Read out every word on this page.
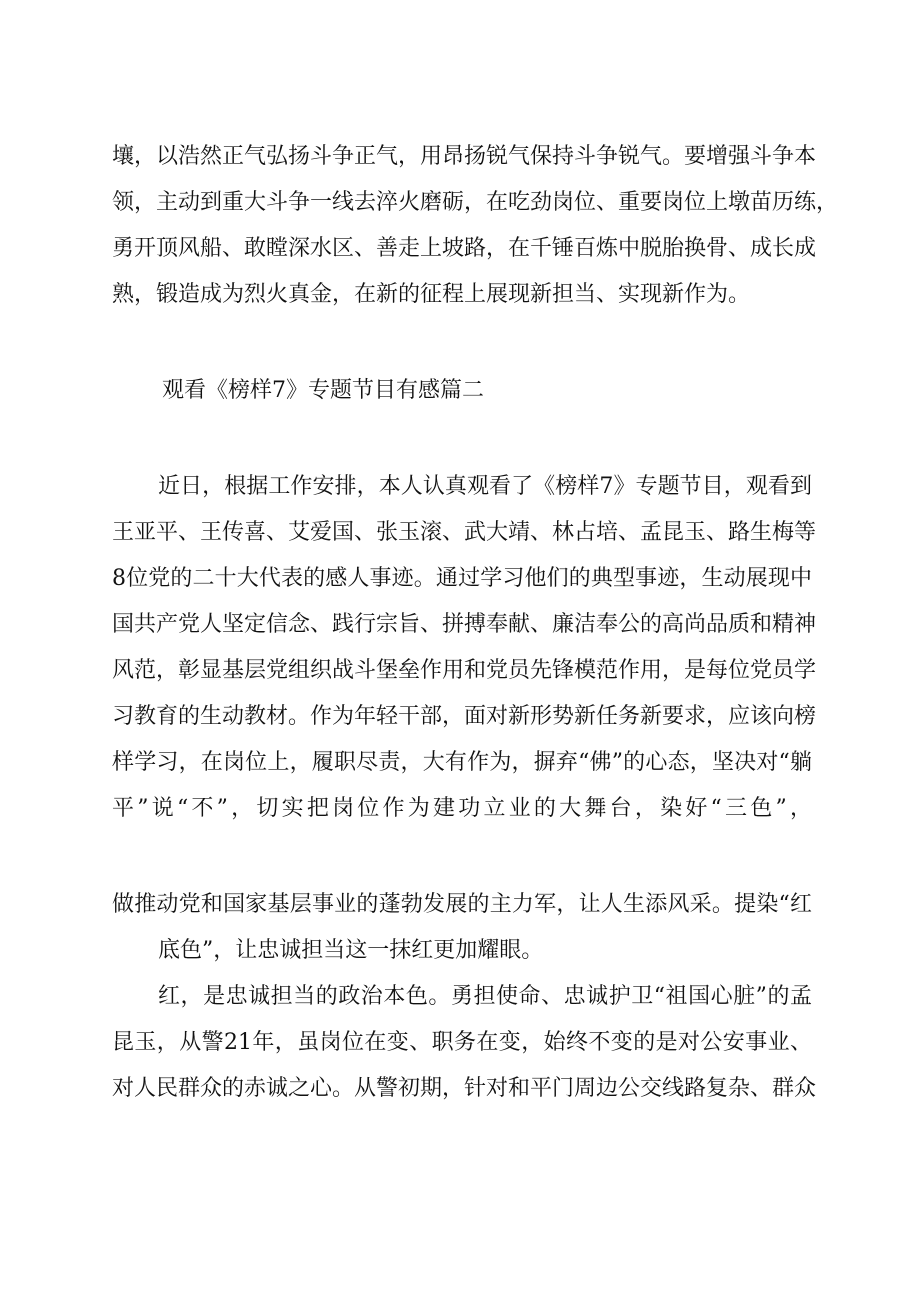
壤，以浩然正气弘扬斗争正气，用昂扬锐气保持斗争锐气。要增强斗争本
领，主动到重大斗争一线去淬火磨砺，在吃劲岗位、重要岗位上墩苗历练，
勇开顶风船、敢瞠深水区、善走上坡路，在千锤百炼中脱胎换骨、成长成
熟，锻造成为烈火真金，在新的征程上展现新担当、实现新作为。
观看《榜样7》专题节目有感篇二
近日，根据工作安排，本人认真观看了《榜样7》专题节目，观看到
王亚平、王传喜、艾爱国、张玉滚、武大靖、林占培、孟昆玉、路生梅等
8位党的二十大代表的感人事迹。通过学习他们的典型事迹，生动展现中
国共产党人坚定信念、践行宗旨、拼搏奉献、廉洁奉公的高尚品质和精神
风范，彰显基层党组织战斗堡垒作用和党员先锋模范作用，是每位党员学
习教育的生动教材。作为年轻干部，面对新形势新任务新要求，应该向榜
样学习，在岗位上，履职尽责，大有作为，摒弃“佛”的心态，坚决对“躺
平”说“不”，切实把岗位作为建功立业的大舞台，染好“三色”，
做推动党和国家基层事业的蓬勃发展的主力军，让人生添风采。提染“红
底色”，让忠诚担当这一抹红更加耀眼。
红，是忠诚担当的政治本色。勇担使命、忠诚护卫“祖国心脏”的孟
昆玉，从警21年，虽岗位在变、职务在变，始终不变的是对公安事业、
对人民群众的赤诚之心。从警初期，针对和平门周边公交线路复杂、群众
